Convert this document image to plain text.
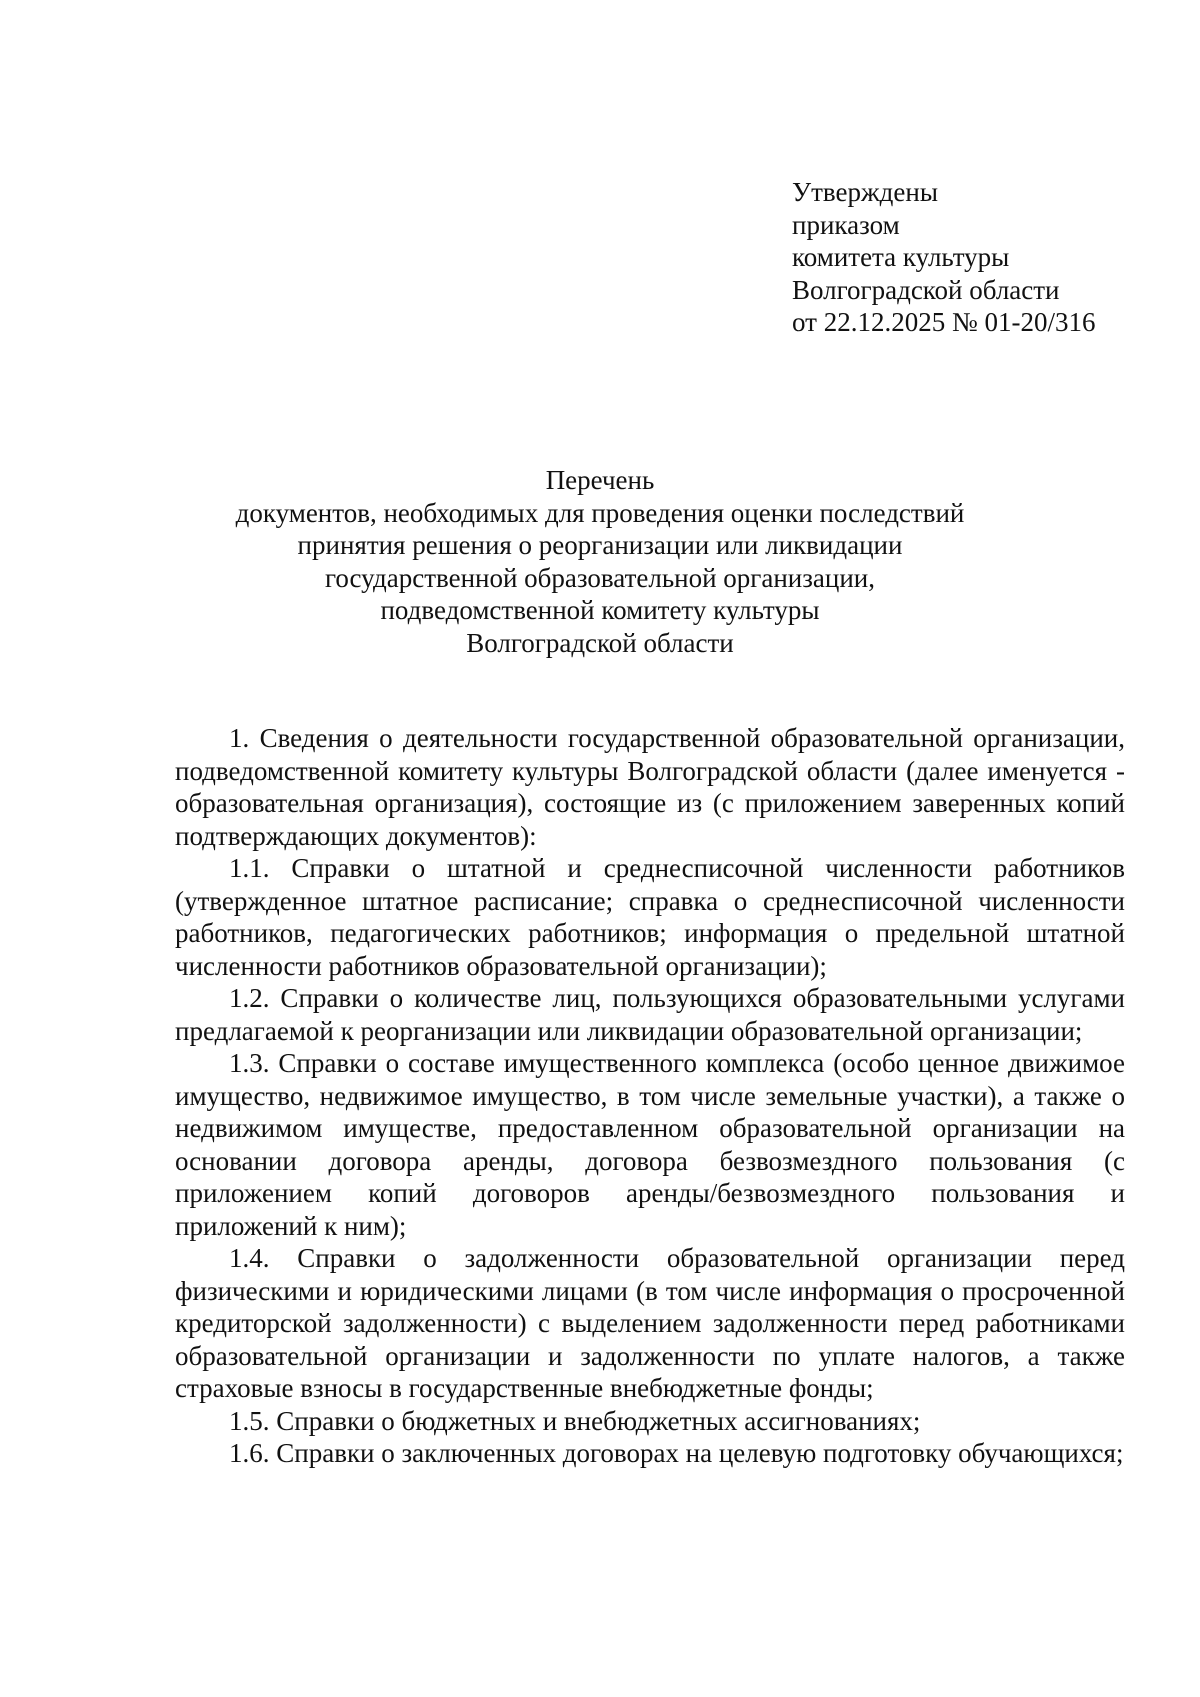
Утверждены
приказом
комитета культуры
Волгоградской области
от 22.12.2025 № 01-20/316
Перечень
документов, необходимых для проведения оценки последствий
принятия решения о реорганизации или ликвидации
государственной образовательной организации,
подведомственной комитету культуры
Волгоградской области

1. Сведения о деятельности государственной образовательной организации, подведомственной комитету культуры Волгоградской области (далее именуется - образовательная организация), состоящие из (с приложением заверенных копий подтверждающих документов):

1.1. Справки о штатной и среднесписочной численности работников (утвержденное штатное расписание; справка о среднесписочной численности работников, педагогических работников; информация о предельной штатной численности работников образовательной организации);

1.2. Справки о количестве лиц, пользующихся образовательными услугами предлагаемой к реорганизации или ликвидации образовательной организации;

1.3. Справки о составе имущественного комплекса (особо ценное движимое имущество, недвижимое имущество, в том числе земельные участки), а также о недвижимом имуществе, предоставленном образовательной организации на основании договора аренды, договора безвозмездного пользования (с приложением копий договоров аренды/безвозмездного пользования и приложений к ним);

1.4. Справки о задолженности образовательной организации перед физическими и юридическими лицами (в том числе информация о просроченной кредиторской задолженности) с выделением задолженности перед работниками образовательной организации и задолженности по уплате налогов, а также страховые взносы в государственные внебюджетные фонды;

1.5. Справки о бюджетных и внебюджетных ассигнованиях;

1.6. Справки о заключенных договорах на целевую подготовку обучающихся;
